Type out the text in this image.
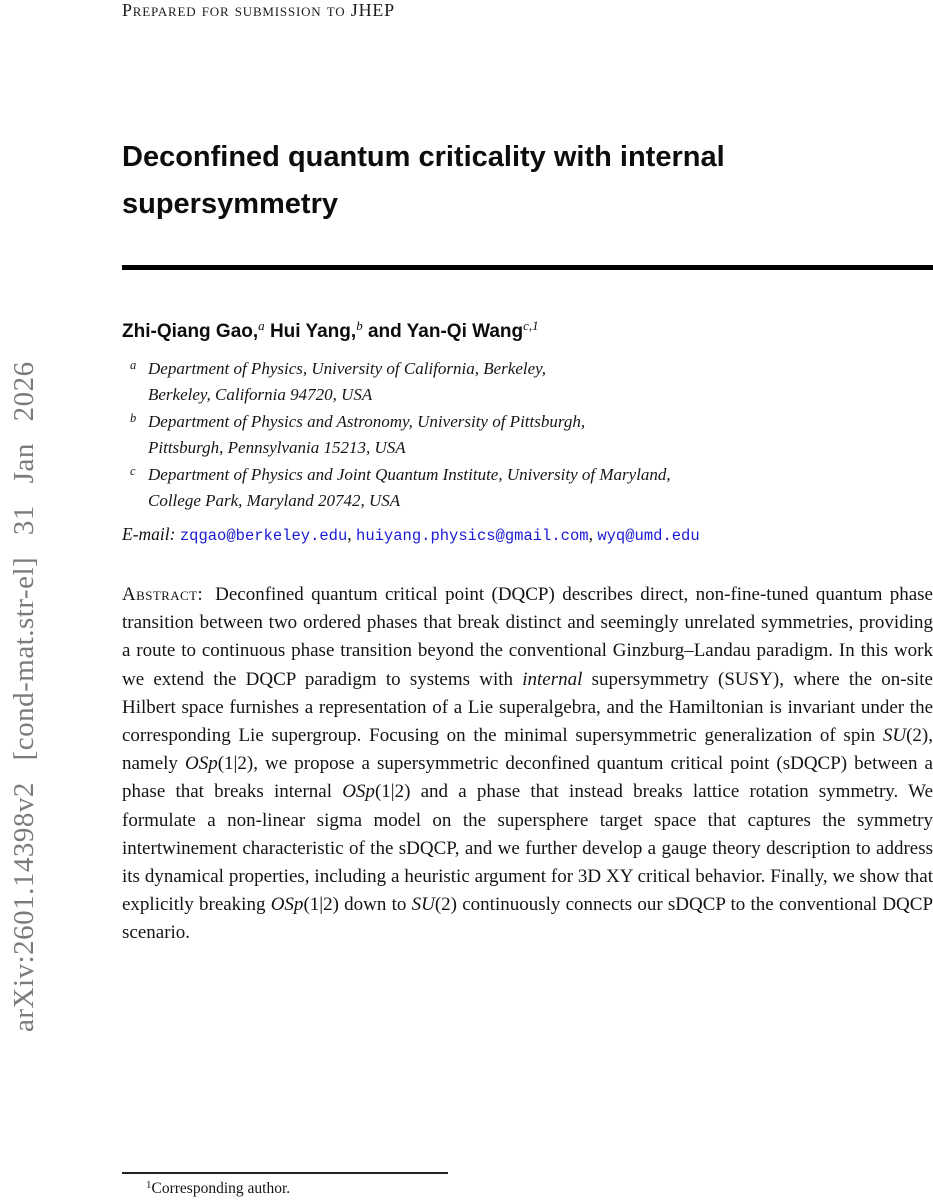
Prepared for submission to JHEP
arXiv:2601.14398v2 [cond-mat.str-el] 31 Jan 2026
Deconfined quantum criticality with internal
supersymmetry
Zhi-Qiang Gao,$^a$ Hui Yang,$^b$ and Yan-Qi Wang$^{c,1}$
a Department of Physics, University of California, Berkeley,
Berkeley, California 94720, USA
b Department of Physics and Astronomy, University of Pittsburgh,
Pittsburgh, Pennsylvania 15213, USA
c Department of Physics and Joint Quantum Institute, University of Maryland,
College Park, Maryland 20742, USA
E-mail: zqgao@berkeley.edu, huiyang.physics@gmail.com, wyq@umd.edu
Abstract: Deconfined quantum critical point (DQCP) describes direct, non-fine-tuned quantum phase transition between two ordered phases that break distinct and seemingly unrelated symmetries, providing a route to continuous phase transition beyond the conventional Ginzburg–Landau paradigm. In this work we extend the DQCP paradigm to systems with internal supersymmetry (SUSY), where the on-site Hilbert space furnishes a representation of a Lie superalgebra, and the Hamiltonian is invariant under the corresponding Lie supergroup. Focusing on the minimal supersymmetric generalization of spin SU(2), namely OSp(1|2), we propose a supersymmetric deconfined quantum critical point (sDQCP) between a phase that breaks internal OSp(1|2) and a phase that instead breaks lattice rotation symmetry. We formulate a non-linear sigma model on the supersphere target space that captures the symmetry intertwinement characteristic of the sDQCP, and we further develop a gauge theory description to address its dynamical properties, including a heuristic argument for 3D XY critical behavior. Finally, we show that explicitly breaking OSp(1|2) down to SU(2) continuously connects our sDQCP to the conventional DQCP scenario.
$^1$Corresponding author.
